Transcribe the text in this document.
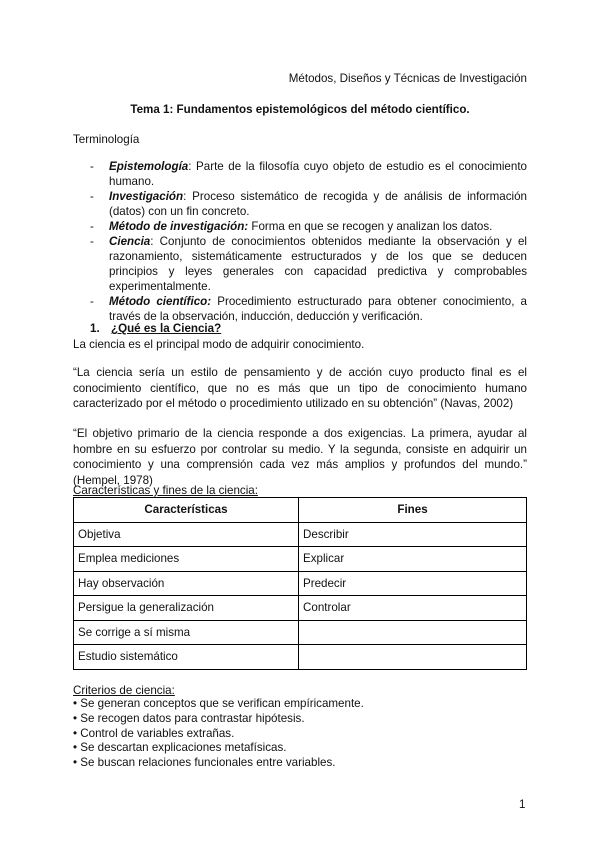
Métodos, Diseños y Técnicas de Investigación
Tema 1: Fundamentos epistemológicos del método científico.
Terminología
- Epistemología: Parte de la filosofía cuyo objeto de estudio es el conocimiento humano.
- Investigación: Proceso sistemático de recogida y de análisis de información (datos) con un fin concreto.
- Método de investigación: Forma en que se recogen y analizan los datos.
- Ciencia: Conjunto de conocimientos obtenidos mediante la observación y el razonamiento, sistemáticamente estructurados y de los que se deducen principios y leyes generales con capacidad predictiva y comprobables experimentalmente.
- Método científico: Procedimiento estructurado para obtener conocimiento, a través de la observación, inducción, deducción y verificación.
1. ¿Qué es la Ciencia?
La ciencia es el principal modo de adquirir conocimiento.
“La ciencia sería un estilo de pensamiento y de acción cuyo producto final es el conocimiento científico, que no es más que un tipo de conocimiento humano caracterizado por el método o procedimiento utilizado en su obtención” (Navas, 2002)
“El objetivo primario de la ciencia responde a dos exigencias. La primera, ayudar al hombre en su esfuerzo por controlar su medio. Y la segunda, consiste en adquirir un conocimiento y una comprensión cada vez más amplios y profundos del mundo.” (Hempel, 1978)
Características y fines de la ciencia:
Características	Fines
Objetiva	Describir
Emplea mediciones	Explicar
Hay observación	Predecir
Persigue la generalización	Controlar
Se corrige a sí misma	
Estudio sistemático	
Criterios de ciencia:
• Se generan conceptos que se verifican empíricamente.
• Se recogen datos para contrastar hipótesis.
• Control de variables extrañas.
• Se descartan explicaciones metafísicas.
• Se buscan relaciones funcionales entre variables.
1
